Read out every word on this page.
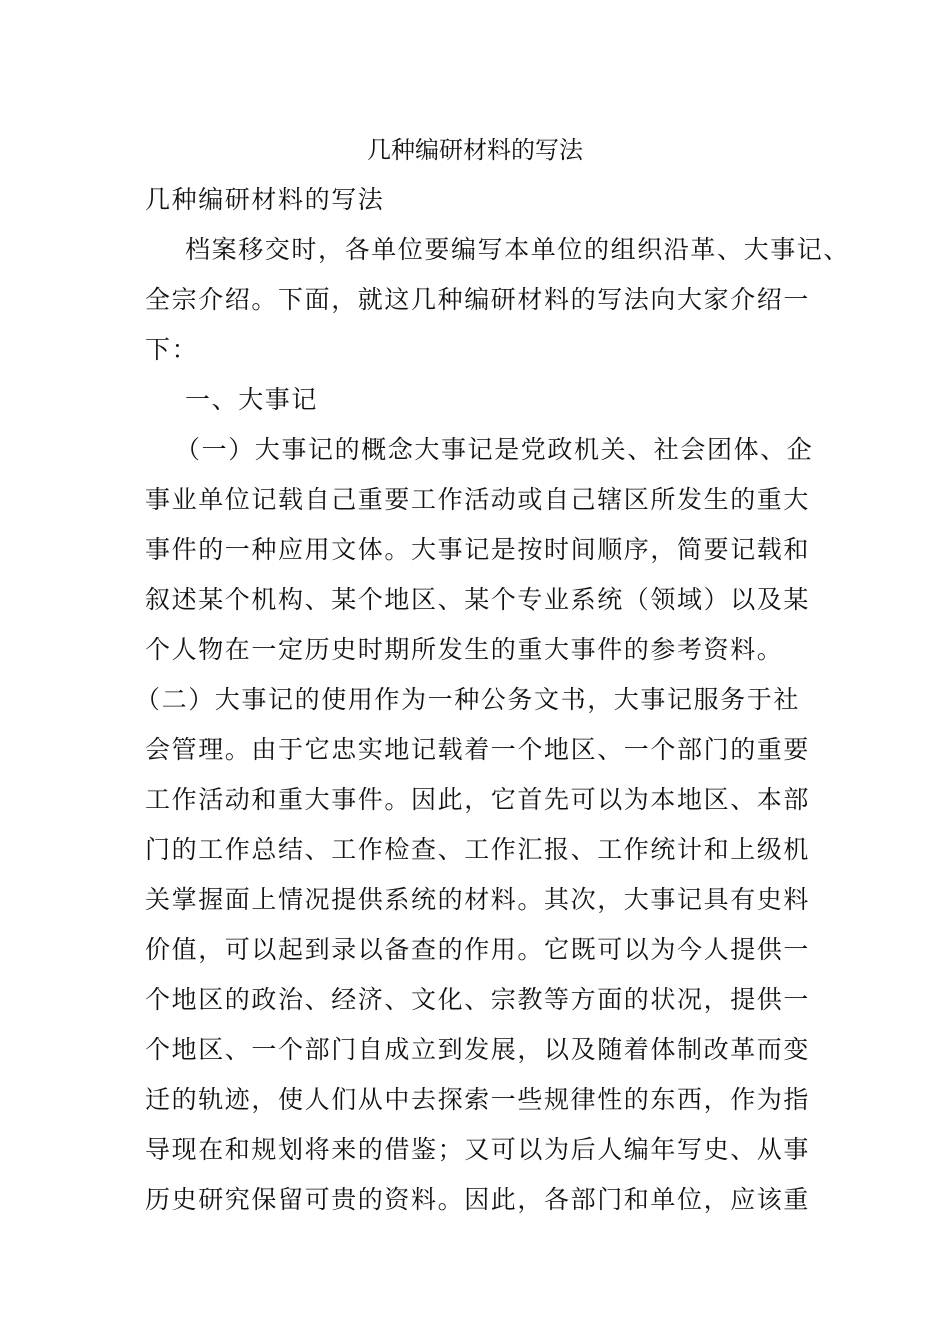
几种编研材料的写法
几种编研材料的写法
档案移交时，各单位要编写本单位的组织沿革、大事记、
全宗介绍。下面，就这几种编研材料的写法向大家介绍一
下：
一、大事记
（一）大事记的概念大事记是党政机关、社会团体、企
事业单位记载自己重要工作活动或自己辖区所发生的重大
事件的一种应用文体。大事记是按时间顺序，简要记载和
叙述某个机构、某个地区、某个专业系统（领域）以及某
个人物在一定历史时期所发生的重大事件的参考资料。
（二）大事记的使用作为一种公务文书，大事记服务于社
会管理。由于它忠实地记载着一个地区、一个部门的重要
工作活动和重大事件。因此，它首先可以为本地区、本部
门的工作总结、工作检查、工作汇报、工作统计和上级机
关掌握面上情况提供系统的材料。其次，大事记具有史料
价值，可以起到录以备查的作用。它既可以为今人提供一
个地区的政治、经济、文化、宗教等方面的状况，提供一
个地区、一个部门自成立到发展，以及随着体制改革而变
迁的轨迹，使人们从中去探索一些规律性的东西，作为指
导现在和规划将来的借鉴；又可以为后人编年写史、从事
历史研究保留可贵的资料。因此，各部门和单位，应该重
